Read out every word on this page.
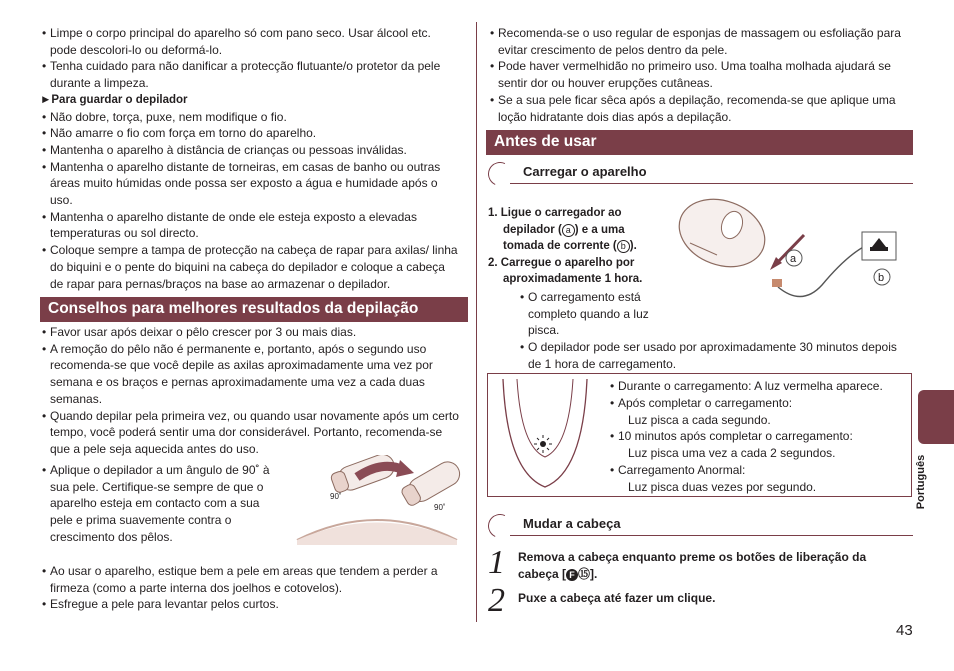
• Limpe o corpo principal do aparelho só com pano seco. Usar álcool etc. pode descolori-lo ou deformá-lo.
• Tenha cuidado para não danificar a protecção flutuante/o protetor da pele durante a limpeza.
►Para guardar o depilador
• Não dobre, torça, puxe, nem modifique o fio.
• Não amarre o fio com força em torno do aparelho.
• Mantenha o aparelho à distância de crianças ou pessoas inválidas.
• Mantenha o aparelho distante de torneiras, em casas de banho ou outras áreas muito húmidas onde possa ser exposto a água e humidade após o uso.
• Mantenha o aparelho distante de onde ele esteja exposto a elevadas temperaturas ou sol directo.
• Coloque sempre a tampa de protecção na cabeça de rapar para axilas/ linha do biquini e o pente do biquini na cabeça do depilador e coloque a cabeça de rapar para pernas/braços na base ao armazenar o depilador.
Conselhos para melhores resultados da depilação
• Favor usar após deixar o pêlo crescer por 3 ou mais dias.
• A remoção do pêlo não é permanente e, portanto, após o segundo uso recomenda-se que você depile as axilas aproximadamente uma vez por semana e os braços e pernas aproximadamente uma vez a cada duas semanas.
• Quando depilar pela primeira vez, ou quando usar novamente após um certo tempo, você poderá sentir uma dor considerável. Portanto, recomenda-se que a pele seja aquecida antes do uso.
• Aplique o depilador a um ângulo de 90˚ à sua pele. Certifique-se sempre de que o aparelho esteja em contacto com a sua pele e prima suavemente contra o crescimento dos pêlos.
90˚
90˚
• Ao usar o aparelho, estique bem a pele em areas que tendem a perder a firmeza (como a parte interna dos joelhos e cotovelos).
• Esfregue a pele para levantar pelos curtos.
• Recomenda-se o uso regular de esponjas de massagem ou esfoliação para evitar crescimento de pelos dentro da pele.
• Pode haver vermelhidão no primeiro uso. Uma toalha molhada ajudará se sentir dor ou houver erupções cutâneas.
• Se a sua pele ficar sêca após a depilação, recomenda-se que aplique uma loção hidratante dois dias após a depilação.
Antes de usar
Carregar o aparelho
1. Ligue o carregador ao
depilador ( a ) e a uma
tomada de corrente ( b ).
2. Carregue o aparelho por
aproximadamente 1 hora.
• O carregamento está completo quando a luz pisca.
• O depilador pode ser usado por aproximadamente 30 minutos depois de 1 hora de carregamento.
a
b
• Durante o carregamento: A luz vermelha aparece.
• Após completar o carregamento:
Luz pisca a cada segundo.
• 10 minutos após completar o carregamento:
Luz pisca uma vez a cada 2 segundos.
• Carregamento Anormal:
Luz pisca duas vezes por segundo.
Mudar a cabeça
1 Remova a cabeça enquanto preme os botões de liberação da
cabeça [ F ⑮].
2 Puxe a cabeça até fazer um clique.
Português
43
